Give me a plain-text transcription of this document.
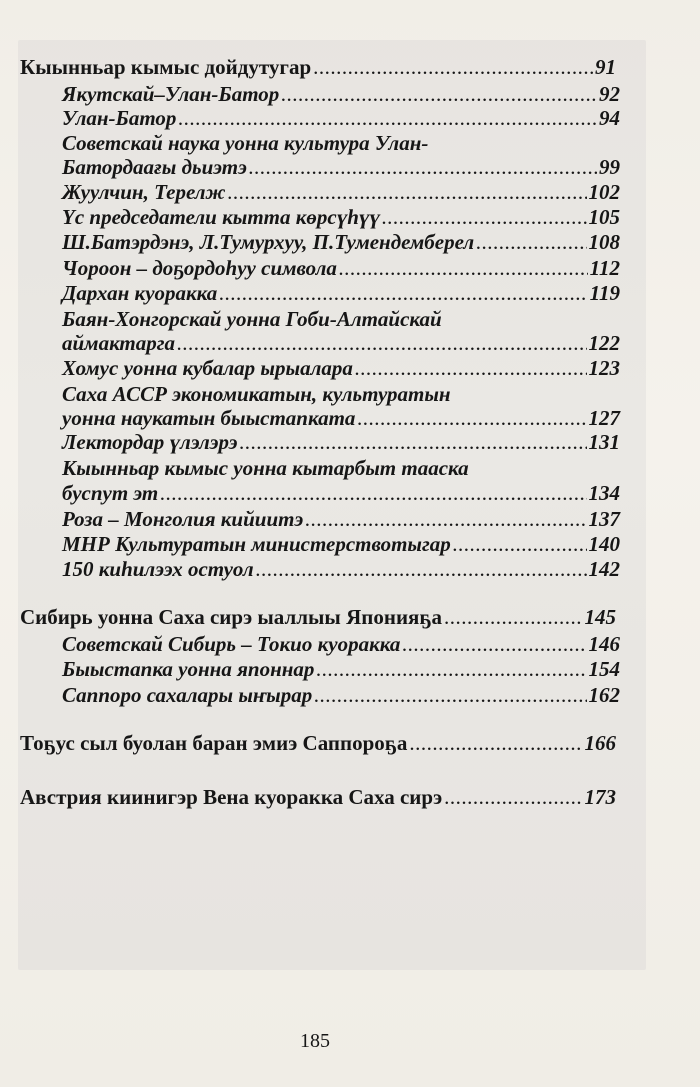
Кыынньар кымыс дойдутугар .....	91
Якутскай–Улан-Батор .....	92
Улан-Батор .....	94
Советскай наука уонна культура Улан-
Батордаағы дьиэтэ .....	99
Жуулчин, Терелж .....	102
Үс председатели кытта көрсүһүү .....	105
Ш.Батэрдэнэ, Л.Тумурхуу, П.Тумендемберел .....	108
Чороон – доҕордоһуу символа .....	112
Дархан куоракка .....	119
Баян-Хонгорскай уонна Гоби-Алтайскай
аймактарга .....	122
Хомус уонна кубалар ырыалара .....	123
Саха АССР экономикатын, культуратын
уонна наукатын быыстапката .....	127
Лектордар үлэлэрэ .....	131
Кыынньар кымыс уонна кытарбыт тааска
буспут эт .....	134
Роза – Монголия кийиитэ .....	137
МНР Культуратын министерствотыгар .....	140
150 киһилээх остуол .....	142
Сибирь уонна Саха сирэ ыаллыы Японияҕа .....	145
Советскай Сибирь – Токио куоракка .....	146
Быыстапка уонна японнар .....	154
Саппоро сахалары ыҥырар .....	162
Тоҕус сыл буолан баран эмиэ Саппороҕа .....	166
Австрия киинигэр Вена куоракка Саха сирэ .....	173
185
